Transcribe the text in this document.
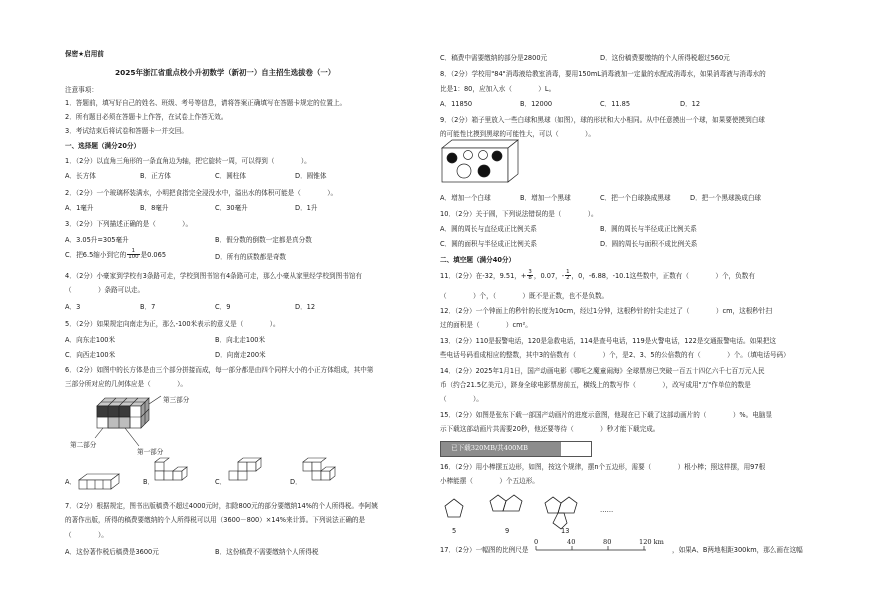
保密★启用前
2025年浙江省重点校小升初数学（新初一）自主招生选拔卷（一）
注意事项：
1．答题前，填写好自己的姓名、班级、考号等信息，请将答案正确填写在答题卡规定的位置上。
2．所有题目必须在答题卡上作答，在试卷上作答无效。
3．考试结束后将试卷和答题卡一并交回。
一、选择题（满分20分）
1．（2分）以直角三角形的一条直角边为轴，把它旋转一周，可以得到（　　　　）。
A．长方体	B．正方体	C．圆柱体	D．圆锥体
2．（2分）一个玻璃杯装满水，小明把食指完全浸没水中，溢出水的体积可能是（　　　　）。
A．1毫升	B．8毫升	C．30毫升	D．1升
3．（2分）下列描述正确的是（　　　　）。
A．3.05升=305毫升	B．假分数的倒数一定都是真分数
C．把6.5缩小到它的 $\frac{1}{100}$ 是0.065	D．所有的质数都是奇数
4．（2分）小豪家到学校有3条路可走，学校到图书馆有4条路可走，那么小豪从家里经学校到图书馆有
（　　　　）条路可以走。
A．3	B．7	C．9	D．12
5．（2分）如果规定向南走为正，那么-100米表示的意义是（　　　　）。
A．向东走100米	B．向北走100米
C．向西走100米	D．向南走200米
6．（2分）如图中的长方体是由三个部分拼接而成，每一部分都是由四个同样大小的小正方体组成，其中第
三部分所对应的几何体应是（　　　　）。
第三部分
第二部分
第一部分
A．	B．	C．	D．
7．（2分）根据规定，图书出版稿费不超过4000元时，扣除800元的部分要缴纳14%的个人所得税。李阿姨
的著作出版，所得的稿费要缴纳的个人所得税可以用（3600－800）×14%来计算。下列说法正确的是
（　　　　）。
A．这份著作税后稿费是3600元	B．这份稿费不需要缴纳个人所得税
C．稿费中需要缴纳的部分是2800元	D．这份稿费要缴纳的个人所得税超过560元
8．（2分）学校用"84"消毒液给教室消毒，要用150mL消毒液加一定量的水配成消毒水，如果消毒液与消毒水的
比是1：80，应加入水（　　　　）L。
A．11850	B．12000	C．11.85	D．12
9．（2分）箱子里放入一些白球和黑球（如图），球的形状和大小相同。从中任意摸出一个球，如果要使摸到白球
的可能性比摸到黑球的可能性大，可以（　　　　）。
A．增加一个白球	B．增加一个黑球	C．把一个白球换成黑球	D．把一个黑球换成白球
10．（2分）关于圆，下列说法错误的是（　　　　）。
A．圆的周长与直径成正比例关系	B．圆的周长与半径成正比例关系
C．圆的面积与半径成正比例关系	D．圆的周长与面积不成比例关系
二、填空题（满分40分）
11．（2分）在-32，9.51，+ $\frac{3}{8}$ ，0.07，- $\frac{1}{2}$ ，0，-6.88，-10.1这些数中，正数有（　　　　）个，负数有
（　　　　）个，（　　　　）既不是正数，也不是负数。
12．（2分）一个钟面上的秒针的长度为10cm，经过1分钟，这根秒针的针尖走过了（　　　　）cm，这根秒针扫
过的面积是（　　　　）cm²。
13．（2分）110是报警电话，120是急救电话，114是查号电话，119是火警电话，122是交通报警电话。如果把这
些电话号码看成相应的整数，其中3的倍数有（　　　　）个，是2、3、5的公倍数的有（　　　　）个。（填电话号码）
14．（2分）2025年1月1日，国产动画电影《哪吒之魔童闹海》全球票房已突破一百五十四亿六千七百万元人民
币（约合21.5亿美元），跻身全球电影票房前五，横线上的数写作（　　　　），改写成用"万"作单位的数是
（　　　　）。
15．（2分）如图是张东下载一部国产动画片的进度示意图，他现在已下载了这部动画片的（　　　　）%。电脑显
示下载这部动画片共需要20秒，他还要等待（　　　　）秒才能下载完成。
已下载320MB/共400MB
16．（2分）用小棒摆五边形，如图，按这个规律，摆n个五边形，需要（　　　　）根小棒；照这样摆，用97根
小棒能摆（　　　　）个五边形。
5	9	13
……
17．（2分）一幅图的比例尺是
0	40	80	120 km
，如果A、B两地相距300km，那么画在这幅
